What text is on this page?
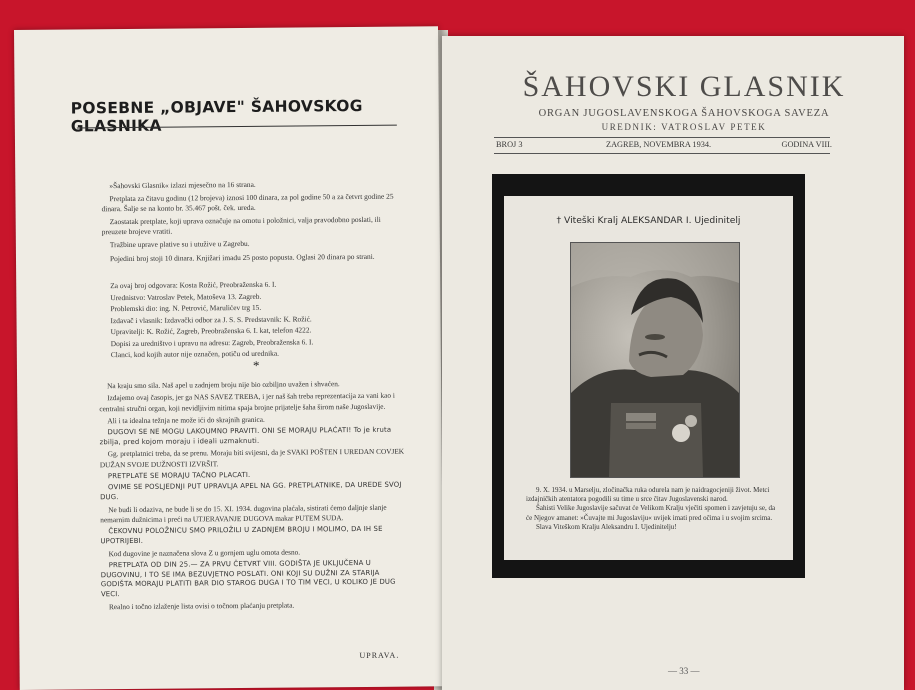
POSEBNE „OBJAVE" ŠAHOVSKOG GLASNIKA

»Šahovski Glasnik« izlazi mjesečno na 16 strana.

Pretplata za čitavu godinu (12 brojeva) iznosi 100 dinara, za pol godine 50 a za četvrt godine 25 dinara. Šalje se na konto br. 35.467 pošt. ček. ureda.

Zaostatak pretplate, koji uprava označuje na omotu i položnici, valja pravodobno poslati, ili preuzete brojeve vratiti.

Tražbine uprave plative su i utužive u Zagrebu.

Pojedini broj stoji 10 dinara. Knjižari imadu 25 posto popusta. Oglasi 20 dinara po strani.

Za ovaj broj odgovara: Kosta Rožić, Preobraženska 6. I.

Urednistvo: Vatroslav Petek, Matoševa 13. Zagreb.

Problemski dio: ing. N. Petrović, Marulićev trg 15.

Izdavač i vlasnik: Izdavački odbor za J. S. S. Predstavnik: K. Rožić.

Upravitelji: K. Rožić, Zagreb, Preobraženska 6. I. kat, telefon 4222.

Dopisi za uredništvo i upravu na adresu: Zagreb, Preobraženska 6. I.

Clanci, kod kojih autor nije označen, potiču od urednika.

*

Na kraju smo sila. Naš apel u zadnjem broju nije bio ozbiljno uvažen i shvaćen.

Izdajemo ovaj časopis, jer ga NAS SAVEZ TREBA, i jer naš šah treba reprezentacija za vani kao i centralni stručni organ, koji nevidljivim nitima spaja brojne prijatelje šaha širom naše Jugoslavije.

Ali i ta idealna težnja ne može ići do skrajnih granica.

DUGOVI SE NE MOGU LAKOUMNO PRAVITI. ONI SE MORAJU PLAĆATI! To je kruta zbilja, pred kojom moraju i ideali uzmaknuti.

Gg. pretplatnici treba, da se prenu. Moraju biti svijesni, da je SVAKI POŠTEN I UREDAN COVJEK DUŽAN SVOJE DUŽNOSTI IZVRŠIT.

PRETPLATE SE MORAJU TAČNO PLACATI.

OVIME SE POSLJEDNJI PUT UPRAVLJA APEL NA GG. PRETPLATNIKE, DA UREDE SVOJ DUG.

Ne budi li odaziva, ne bude li se do 15. XI. 1934. dugovina plaćala, sistirati ćemo daljnje slanje nemarnim dužnicima i preći na UTJERAVANJE DUGOVA makar PUTEM SUDA.

ČEKOVNU POLOŽNICU SMO PRILOŽILI U ZADNJEM BROJU I MOLIMO, DA IH SE UPOTRIJEBI.

Kod dugovine je naznačena slova Z u gornjem uglu omota desno.

PRETPLATA OD DIN 25.— ZA PRVU ČETVRT VIII. GODIŠTA JE UKLJUČENA U DUGOVINU, I TO SE IMA BEZUVJETNO POSLATI. ONI KOJI SU DUŽNI ZA STARIJA GODIŠTA MORAJU PLATITI BAR DIO STAROG DUGA I TO TIM VECI, U KOLIKO JE DUG VECI.

Realno i točno izlaženje lista ovisi o točnom plaćanju pretplata.

UPRAVA.
ŠAHOVSKI GLASNIK
ORGAN JUGOSLAVENSKOGA ŠAHOVSKOGA SAVEZA
UREDNIK: VATROSLAV PETEK
BROJ 3	ZAGREB, NOVEMBRA 1934.	GODINA VIII.
† Viteški Kralj ALEKSANDAR I. Ujedinitelj

9. X. 1934. u Marselju, zločinačka ruka odurela nam je naidragocjeniji život. Metci izdajničkih atentatora pogodili su time u srce čitav Jugoslavenski narod.

Šahisti Velike Jugoslavije sačuvat će Velikom Kralju vječiti spomen i zavjetuju se, da će Njegov amanet: »Čuvajte mi Jugoslaviju« uvijek imati pred očima i u svojim srcima.

Slava Viteškom Kralju Aleksandru I. Ujedinitelju!

— 33 —
